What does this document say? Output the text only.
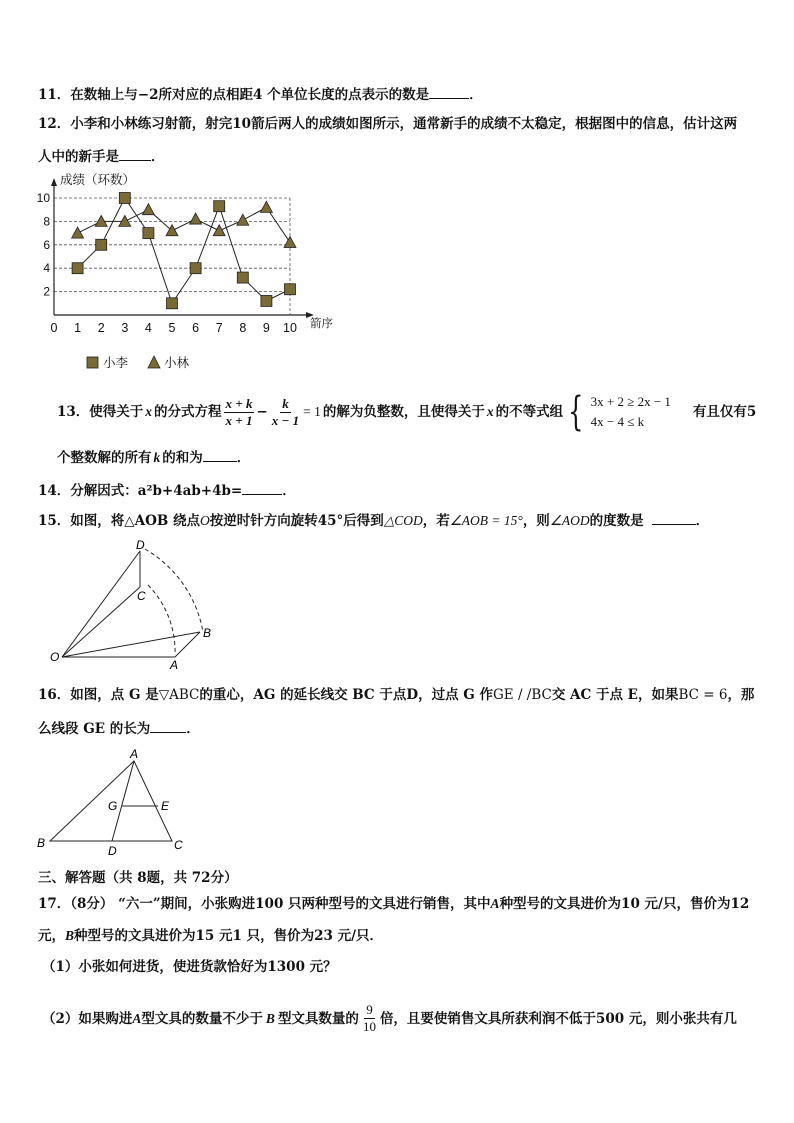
11．在数轴上与−2所对应的点相距4 个单位长度的点表示的数是	．
12．小李和小林练习射箭，射完10箭后两人的成绩如图所示，通常新手的成绩不太稳定，根据图中的信息，估计这两
人中的新手是 ．
成绩（环数）
箭序
0 1 2 3 4 5 6 7 8 9 10
2
4
6
8
10
小李	小林
13．使得关于 x 的分式方程 $\frac{x + k}{x + 1} - \frac{k}{x - 1} = 1$ 的解为负整数，且使得关于 x 的不等式组 { 3x + 2 ≥ 2x − 1
4x − 4 ≤ k
有且仅有5
个整数解的所有 k 的和为	．
14．分解因式：a²b+4ab+4b=	．
15．如图，将△AOB 绕点O按逆时针方向旋转45°后得到△COD，若∠AOB = 15°，则∠AOD的度数是	．
D
C
B
O
A
16．如图，点 G 是▽ABC的重心，AG 的延长线交 BC 于点D，过点 G 作GE / /BC交 AC 于点 E，如果BC = 6，那
么线段 GE 的长为	．
A
G	E
B
D	C
三、解答题（共 8题，共 72分）
17．（8分） “六一”期间，小张购进100 只两种型号的文具进行销售，其中A种型号的文具进价为10 元/只，售价为12
元，B种型号的文具进价为15 元1 只，售价为23 元/只．
（1）小张如何进货，使进货款恰好为1300 元？
（2）如果购进 A 型文具的数量不少于 B 型文具数量的 $\frac{9}{10}$ 倍，且要使销售文具所获利润不低于500 元，则小张共有几
